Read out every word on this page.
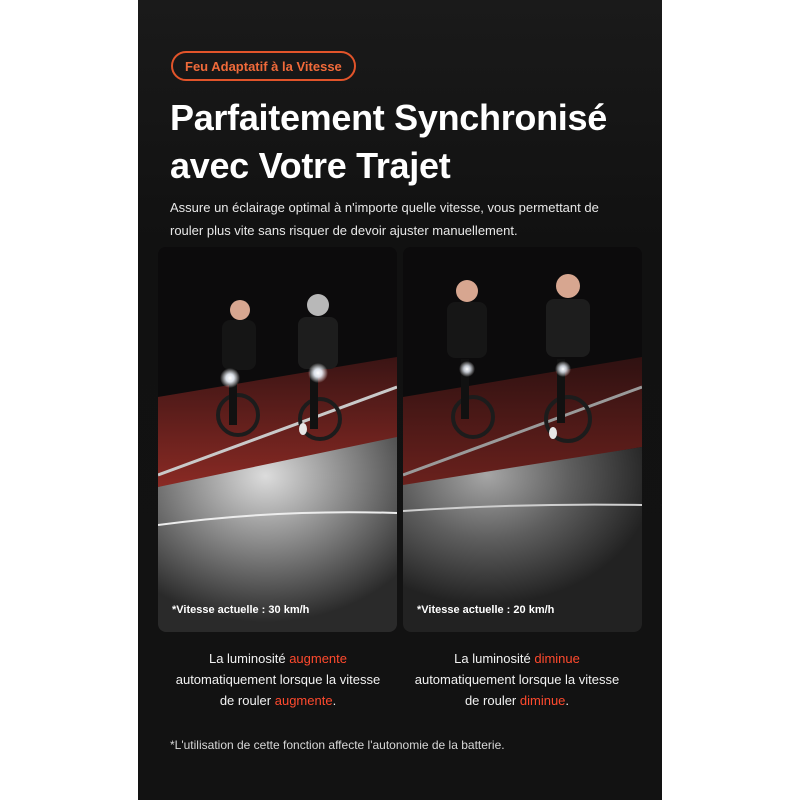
Feu Adaptatif à la Vitesse
Parfaitement Synchronisé
avec Votre Trajet
Assure un éclairage optimal à n'importe quelle vitesse, vous permettant de
rouler plus vite sans risquer de devoir ajuster manuellement.
*Vitesse actuelle : 30 km/h	*Vitesse actuelle : 20 km/h
La luminosité augmente
automatiquement lorsque la vitesse
de rouler augmente.
La luminosité diminue
automatiquement lorsque la vitesse
de rouler diminue.
*L'utilisation de cette fonction affecte l'autonomie de la batterie.
